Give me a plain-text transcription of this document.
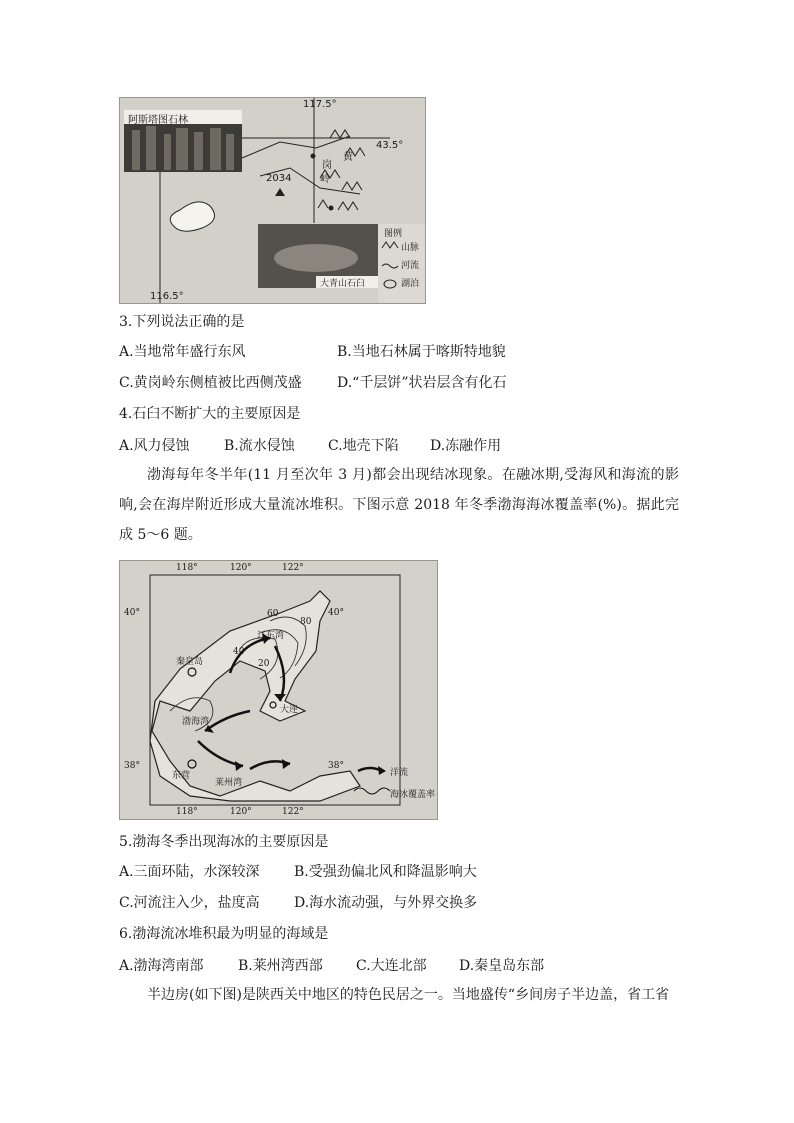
阿斯塔图石林
117.5°
43.5°
116.5°
2034
黄
岗
岭
大青山石臼
图例
山脉
河流
湖泊
3.下列说法正确的是
A.当地常年盛行东风	B.当地石林属于喀斯特地貌
C.黄岗岭东侧植被比西侧茂盛	D.“千层饼”状岩层含有化石
4.石臼不断扩大的主要原因是
A.风力侵蚀 B.流水侵蚀 C.地壳下陷 D.冻融作用
渤海每年冬半年(11 月至次年 3 月)都会出现结冰现象。在融冰期,受海风和海流的影响,会在海岸附近形成大量流冰堆积。下图示意 2018 年冬季渤海海冰覆盖率(%)。据此完成 5～6 题。
118°	120°	122°
118°	120°	122°
40°
38°
40°
38°
秦皇岛
辽东湾
大连
渤海湾
东营
莱州湾
60
80
40
20
洋流
海冰覆盖率
5.渤海冬季出现海冰的主要原因是
A.三面环陆，水深较深 B.受强劲偏北风和降温影响大
C.河流注入少，盐度高 D.海水流动强，与外界交换多
6.渤海流冰堆积最为明显的海域是
A.渤海湾南部 B.莱州湾西部 C.大连北部 D.秦皇岛东部
半边房(如下图)是陕西关中地区的特色民居之一。当地盛传“乡间房子半边盖，省工省
